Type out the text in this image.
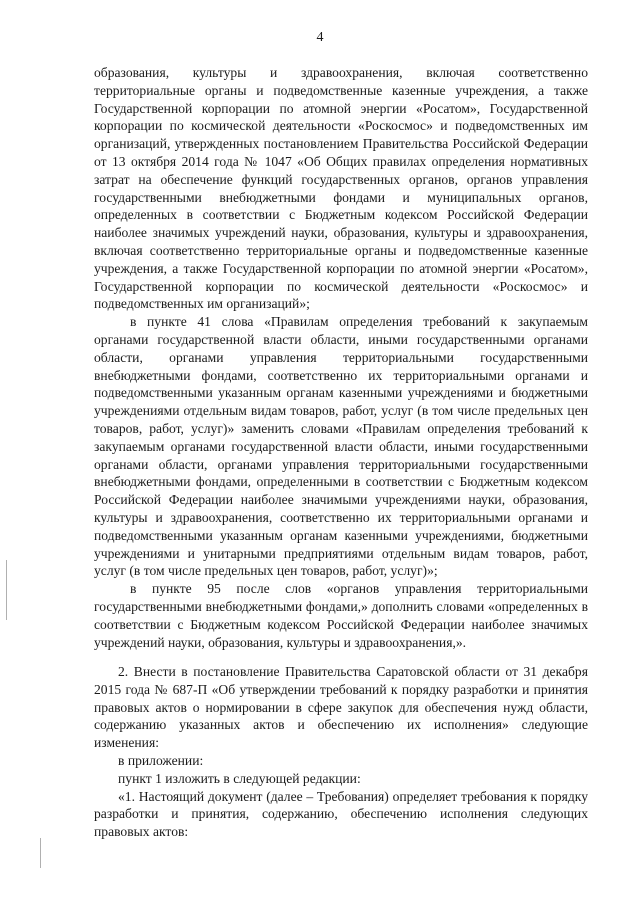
4

образования, культуры и здравоохранения, включая соответственно территориальные органы и подведомственные казенные учреждения, а также Государственной корпорации по атомной энергии «Росатом», Государственной корпорации по космической деятельности «Роскосмос» и подведомственных им организаций, утвержденных постановлением Правительства Российской Федерации от 13 октября 2014 года № 1047 «Об Общих правилах определения нормативных затрат на обеспечение функций государственных органов, органов управления государственными внебюджетными фондами и муниципальных органов, определенных в соответствии с Бюджетным кодексом Российской Федерации наиболее значимых учреждений науки, образования, культуры и здравоохранения, включая соответственно территориальные органы и подведомственные казенные учреждения, а также Государственной корпорации по атомной энергии «Росатом», Государственной корпорации по космической деятельности «Роскосмос» и подведомственных им организаций»;

в пункте 41 слова «Правилам определения требований к закупаемым органами государственной власти области, иными государственными органами области, органами управления территориальными государственными внебюджетными фондами, соответственно их территориальными органами и подведомственными указанным органам казенными учреждениями и бюджетными учреждениями отдельным видам товаров, работ, услуг (в том числе предельных цен товаров, работ, услуг)» заменить словами «Правилам определения требований к закупаемым органами государственной власти области, иными государственными органами области, органами управления территориальными государственными внебюджетными фондами, определенными в соответствии с Бюджетным кодексом Российской Федерации наиболее значимыми учреждениями науки, образования, культуры и здравоохранения, соответственно их территориальными органами и подведомственными указанным органам казенными учреждениями, бюджетными учреждениями и унитарными предприятиями отдельным видам товаров, работ, услуг (в том числе предельных цен товаров, работ, услуг)»;

в пункте 95 после слов «органов управления территориальными государственными внебюджетными фондами,» дополнить словами «определенных в соответствии с Бюджетным кодексом Российской Федерации наиболее значимых учреждений науки, образования, культуры и здравоохранения,».

2. Внести в постановление Правительства Саратовской области от 31 декабря 2015 года № 687-П «Об утверждении требований к порядку разработки и принятия правовых актов о нормировании в сфере закупок для обеспечения нужд области, содержанию указанных актов и обеспечению их исполнения» следующие изменения:

в приложении:

пункт 1 изложить в следующей редакции:

«1. Настоящий документ (далее – Требования) определяет требования к порядку разработки и принятия, содержанию, обеспечению исполнения следующих правовых актов:
